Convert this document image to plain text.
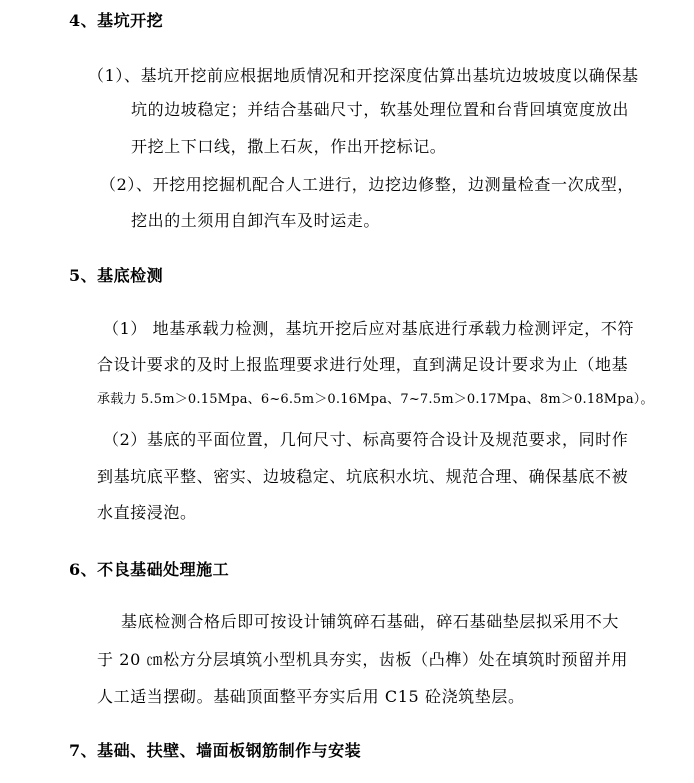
4、基坑开挖
（1）、基坑开挖前应根据地质情况和开挖深度估算出基坑边坡坡度以确保基
坑的边坡稳定；并结合基础尺寸，软基处理位置和台背回填宽度放出
开挖上下口线，撒上石灰，作出开挖标记。
（2）、开挖用挖掘机配合人工进行，边挖边修整，边测量检查一次成型，
挖出的土须用自卸汽车及时运走。
5、基底检测
（1） 地基承载力检测，基坑开挖后应对基底进行承载力检测评定，不符
合设计要求的及时上报监理要求进行处理，直到满足设计要求为止（地基
承载力 5.5m＞0.15Mpa、6~6.5m＞0.16Mpa、7~7.5m＞0.17Mpa、8m＞0.18Mpa）。
（2）基底的平面位置，几何尺寸、标高要符合设计及规范要求，同时作
到基坑底平整、密实、边坡稳定、坑底积水坑、规范合理、确保基底不被
水直接浸泡。
6、不良基础处理施工
基底检测合格后即可按设计铺筑碎石基础，碎石基础垫层拟采用不大
于 20 ㎝松方分层填筑小型机具夯实，齿板（凸榫）处在填筑时预留并用
人工适当摆砌。基础顶面整平夯实后用 C15 砼浇筑垫层。
7、基础、扶壁、墙面板钢筋制作与安装
